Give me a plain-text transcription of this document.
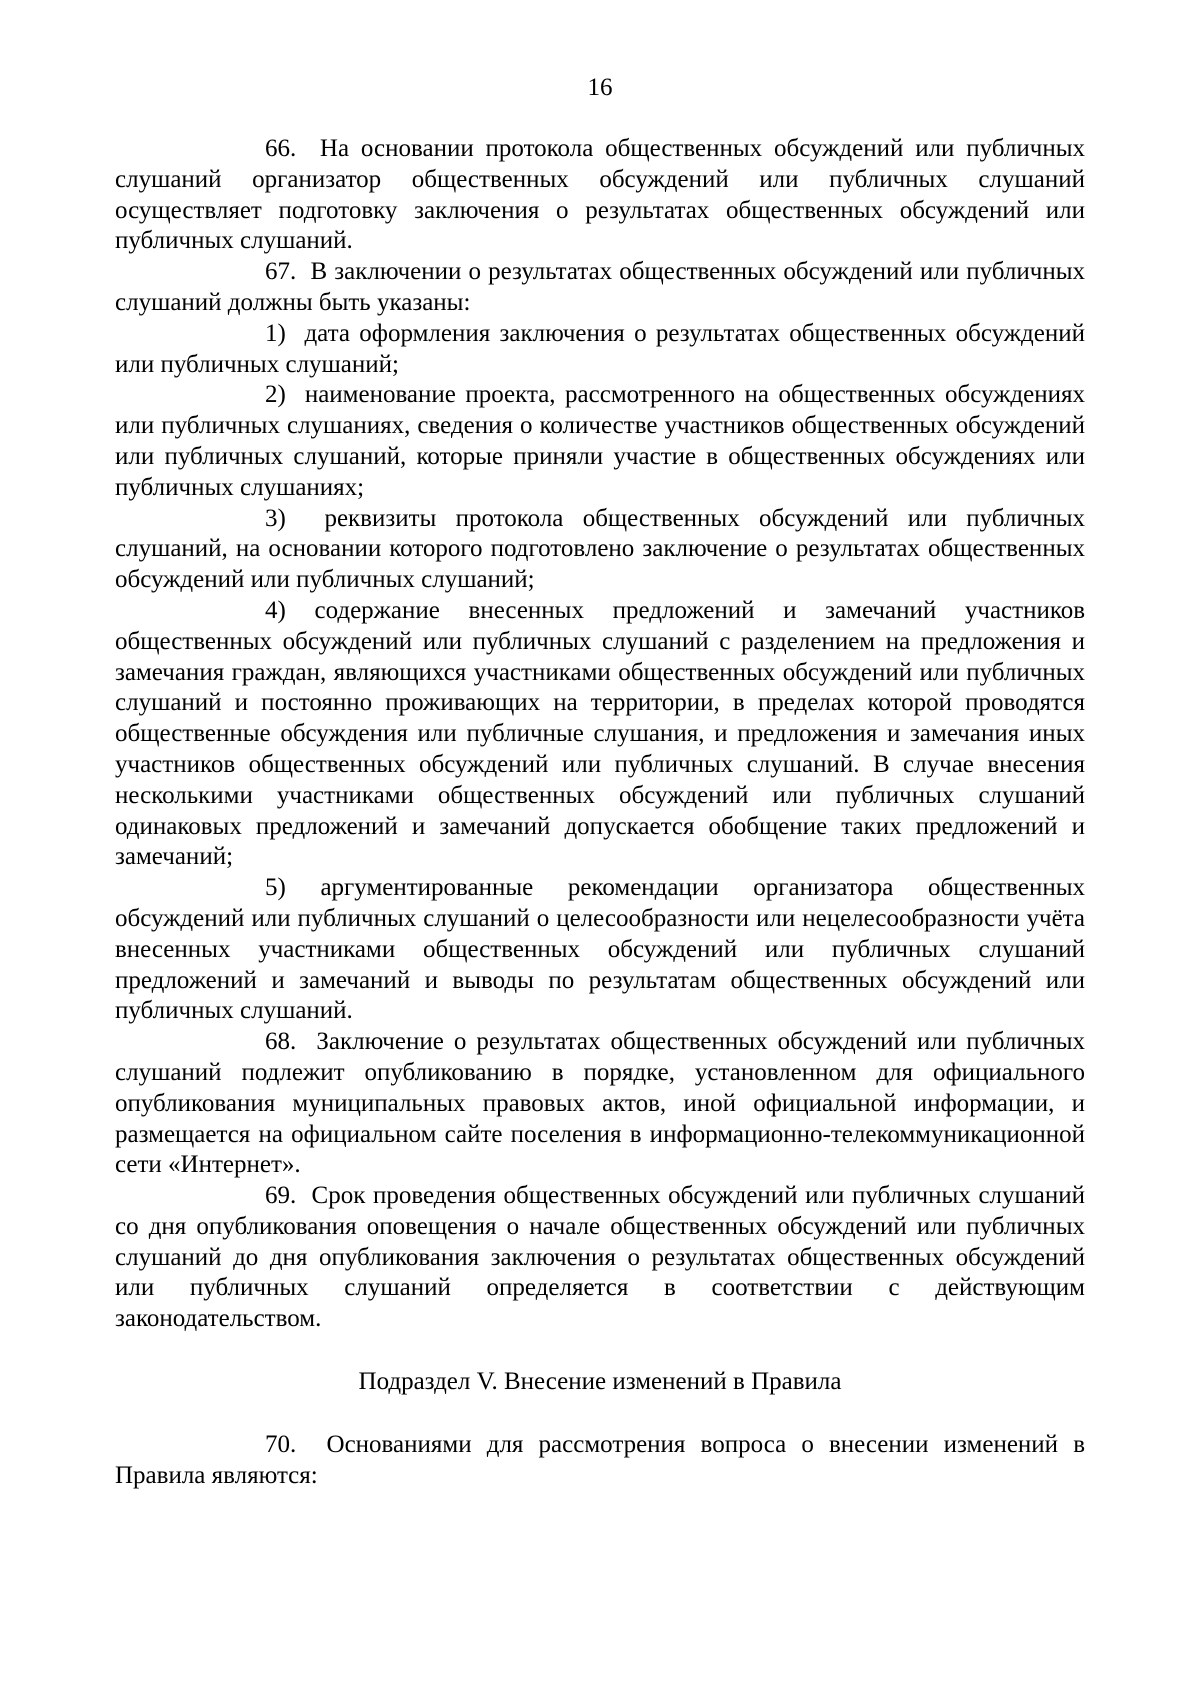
16

66. На основании протокола общественных обсуждений или публичных слушаний организатор общественных обсуждений или публичных слушаний осуществляет подготовку заключения о результатах общественных обсуждений или публичных слушаний.

67. В заключении о результатах общественных обсуждений или публичных слушаний должны быть указаны:

1) дата оформления заключения о результатах общественных обсуждений или публичных слушаний;

2) наименование проекта, рассмотренного на общественных обсуждениях или публичных слушаниях, сведения о количестве участников общественных обсуждений или публичных слушаний, которые приняли участие в общественных обсуждениях или публичных слушаниях;

3) реквизиты протокола общественных обсуждений или публичных слушаний, на основании которого подготовлено заключение о результатах общественных обсуждений или публичных слушаний;

4) содержание внесенных предложений и замечаний участников общественных обсуждений или публичных слушаний с разделением на предложения и замечания граждан, являющихся участниками общественных обсуждений или публичных слушаний и постоянно проживающих на территории, в пределах которой проводятся общественные обсуждения или публичные слушания, и предложения и замечания иных участников общественных обсуждений или публичных слушаний. В случае внесения несколькими участниками общественных обсуждений или публичных слушаний одинаковых предложений и замечаний допускается обобщение таких предложений и замечаний;

5) аргументированные рекомендации организатора общественных обсуждений или публичных слушаний о целесообразности или нецелесообразности учёта внесенных участниками общественных обсуждений или публичных слушаний предложений и замечаний и выводы по результатам общественных обсуждений или публичных слушаний.

68. Заключение о результатах общественных обсуждений или публичных слушаний подлежит опубликованию в порядке, установленном для официального опубликования муниципальных правовых актов, иной официальной информации, и размещается на официальном сайте поселения в информационно-телекоммуникационной сети «Интернет».

69. Срок проведения общественных обсуждений или публичных слушаний со дня опубликования оповещения о начале общественных обсуждений или публичных слушаний до дня опубликования заключения о результатах общественных обсуждений или публичных слушаний определяется в соответствии с действующим законодательством.

Подраздел V. Внесение изменений в Правила

70. Основаниями для рассмотрения вопроса о внесении изменений в Правила являются:
